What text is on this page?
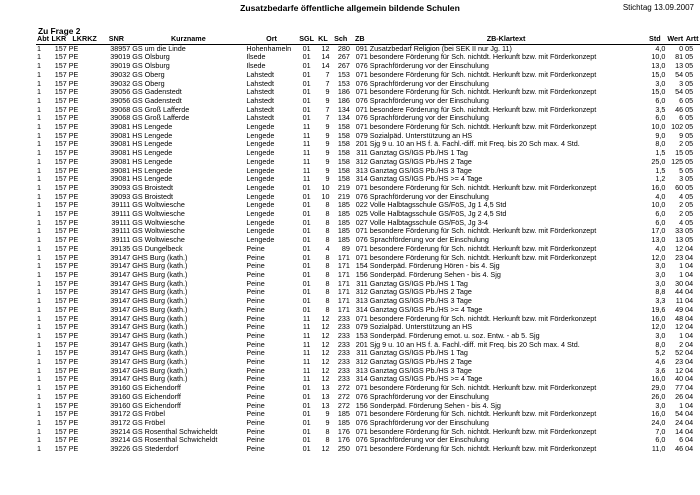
Zusatzbedarfe öffentliche allgemein bildende Schulen	Stichtag 13.09.2007
Zu Frage 2
Abt	LKR	LKRKZ	SNR	Kurzname	Ort	SGL	KL	Sch	ZB	ZB-Klartext	Std	Wert	Artt
1	157	PE	38957	GS um die Linde	Hohenhameln	01	12	280	091	Zusatzbedarf Religion (bei SEK II nur Jg. 11)	4,0	0	05
1	157	PE	39019	GS Ölsburg	Ilsede	01	14	267	071	besondere Förderung für Sch. nichtdt. Herkunft bzw. mit Förderkonzept	10,0	81	05
1	157	PE	39019	GS Ölsburg	Ilsede	01	14	267	076	Sprachförderung vor der Einschulung	13,0	13	05
1	157	PE	39032	GS Oberg	Lahstedt	01	7	153	071	besondere Förderung für Sch. nichtdt. Herkunft bzw. mit Förderkonzept	15,0	54	05
1	157	PE	39032	GS Oberg	Lahstedt	01	7	153	076	Sprachförderung vor der Einschulung	3,0	3	05
1	157	PE	39056	GS Gadenstedt	Lahstedt	01	9	186	071	besondere Förderung für Sch. nichtdt. Herkunft bzw. mit Förderkonzept	15,0	54	05
1	157	PE	39056	GS Gadenstedt	Lahstedt	01	9	186	076	Sprachförderung vor der Einschulung	6,0	6	05
1	157	PE	39068	GS Groß Lafferde	Lahstedt	01	7	134	071	besondere Förderung für Sch. nichtdt. Herkunft bzw. mit Förderkonzept	3,5	46	05
1	157	PE	39068	GS Groß Lafferde	Lahstedt	01	7	134	076	Sprachförderung vor der Einschulung	6,0	6	05
1	157	PE	39081	HS Lengede	Lengede	11	9	158	071	besondere Förderung für Sch. nichtdt. Herkunft bzw. mit Förderkonzept	10,0	102	05
1	157	PE	39081	HS Lengede	Lengede	11	9	158	079	Sozialpäd. Unterstützung an HS	9,0	9	05
1	157	PE	39081	HS Lengede	Lengede	11	9	158	201	Sjg 9 u. 10 an HS f. ä. Fachl.-diff. mit Freq. bis 20 Sch max. 4 Std.	8,0	2	05
1	157	PE	39081	HS Lengede	Lengede	11	9	158	311	Ganztag GS/IGS Pb./HS 1 Tag	1,5	15	05
1	157	PE	39081	HS Lengede	Lengede	11	9	158	312	Ganztag GS/IGS Pb./HS 2 Tage	25,0	125	05
1	157	PE	39081	HS Lengede	Lengede	11	9	158	313	Ganztag GS/IGS Pb./HS 3 Tage	1,5	5	05
1	157	PE	39081	HS Lengede	Lengede	11	9	158	314	Ganztag GS/IGS Pb./HS >= 4 Tage	1,2	3	05
1	157	PE	39093	GS Broistedt	Lengede	01	10	219	071	besondere Förderung für Sch. nichtdt. Herkunft bzw. mit Förderkonzept	16,0	60	05
1	157	PE	39093	GS Broistedt	Lengede	01	10	219	076	Sprachförderung vor der Einschulung	4,0	4	05
1	157	PE	39111	GS Woltwiesche	Lengede	01	8	185	022	Volle Halbtagsschule GS/FöS, Jg 1 4,5 Std	10,0	2	05
1	157	PE	39111	GS Woltwiesche	Lengede	01	8	185	025	Volle Halbtagsschule GS/FöS, Jg 2 4,5 Std	6,0	2	05
1	157	PE	39111	GS Woltwiesche	Lengede	01	8	185	027	Volle Halbtagsschule GS/FöS, Jg 3-4	6,0	4	05
1	157	PE	39111	GS Woltwiesche	Lengede	01	8	185	071	besondere Förderung für Sch. nichtdt. Herkunft bzw. mit Förderkonzept	17,0	33	05
1	157	PE	39111	GS Woltwiesche	Lengede	01	8	185	076	Sprachförderung vor der Einschulung	13,0	13	05
1	157	PE	39135	GS Dungelbeck	Peine	01	4	89	071	besondere Förderung für Sch. nichtdt. Herkunft bzw. mit Förderkonzept	4,0	12	04
1	157	PE	39147	GHS Burg (kath.)	Peine	01	8	171	071	besondere Förderung für Sch. nichtdt. Herkunft bzw. mit Förderkonzept	12,0	23	04
1	157	PE	39147	GHS Burg (kath.)	Peine	01	8	171	154	Sonderpäd. Förderung Hören - bis 4. Sjg	3,0	1	04
1	157	PE	39147	GHS Burg (kath.)	Peine	01	8	171	156	Sonderpäd. Förderung Sehen - bis 4. Sjg	3,0	1	04
1	157	PE	39147	GHS Burg (kath.)	Peine	01	8	171	311	Ganztag GS/IGS Pb./HS 1 Tag	3,0	30	04
1	157	PE	39147	GHS Burg (kath.)	Peine	01	8	171	312	Ganztag GS/IGS Pb./HS 2 Tage	8,8	44	04
1	157	PE	39147	GHS Burg (kath.)	Peine	01	8	171	313	Ganztag GS/IGS Pb./HS 3 Tage	3,3	11	04
1	157	PE	39147	GHS Burg (kath.)	Peine	01	8	171	314	Ganztag GS/IGS Pb./HS >= 4 Tage	19,6	49	04
1	157	PE	39147	GHS Burg (kath.)	Peine	11	12	233	071	besondere Förderung für Sch. nichtdt. Herkunft bzw. mit Förderkonzept	16,0	48	04
1	157	PE	39147	GHS Burg (kath.)	Peine	11	12	233	079	Sozialpäd. Unterstützung an HS	12,0	12	04
1	157	PE	39147	GHS Burg (kath.)	Peine	11	12	233	153	Sonderpäd. Förderung emot. u. soz. Entw. - ab 5. Sjg	3,0	1	04
1	157	PE	39147	GHS Burg (kath.)	Peine	11	12	233	201	Sjg 9 u. 10 an HS f. ä. Fachl.-diff. mit Freq. bis 20 Sch max. 4 Std.	8,0	2	04
1	157	PE	39147	GHS Burg (kath.)	Peine	11	12	233	311	Ganztag GS/IGS Pb./HS 1 Tag	5,2	52	04
1	157	PE	39147	GHS Burg (kath.)	Peine	11	12	233	312	Ganztag GS/IGS Pb./HS 2 Tage	4,6	23	04
1	157	PE	39147	GHS Burg (kath.)	Peine	11	12	233	313	Ganztag GS/IGS Pb./HS 3 Tage	3,6	12	04
1	157	PE	39147	GHS Burg (kath.)	Peine	11	12	233	314	Ganztag GS/IGS Pb./HS >= 4 Tage	16,0	40	04
1	157	PE	39160	GS Eichendorff	Peine	01	13	272	071	besondere Förderung für Sch. nichtdt. Herkunft bzw. mit Förderkonzept	29,0	77	04
1	157	PE	39160	GS Eichendorff	Peine	01	13	272	076	Sprachförderung vor der Einschulung	26,0	26	04
1	157	PE	39160	GS Eichendorff	Peine	01	13	272	156	Sonderpäd. Förderung Sehen - bis 4. Sjg	3,0	1	04
1	157	PE	39172	GS Fröbel	Peine	01	9	185	071	besondere Förderung für Sch. nichtdt. Herkunft bzw. mit Förderkonzept	16,0	54	04
1	157	PE	39172	GS Fröbel	Peine	01	9	185	076	Sprachförderung vor der Einschulung	24,0	24	04
1	157	PE	39214	GS Rosenthal Schwicheldt	Peine	01	8	176	071	besondere Förderung für Sch. nichtdt. Herkunft bzw. mit Förderkonzept	7,0	14	04
1	157	PE	39214	GS Rosenthal Schwicheldt	Peine	01	8	176	076	Sprachförderung vor der Einschulung	6,0	6	04
1	157	PE	39226	GS Stederdorf	Peine	01	12	250	071	besondere Förderung für Sch. nichtdt. Herkunft bzw. mit Förderkonzept	11,0	46	04
